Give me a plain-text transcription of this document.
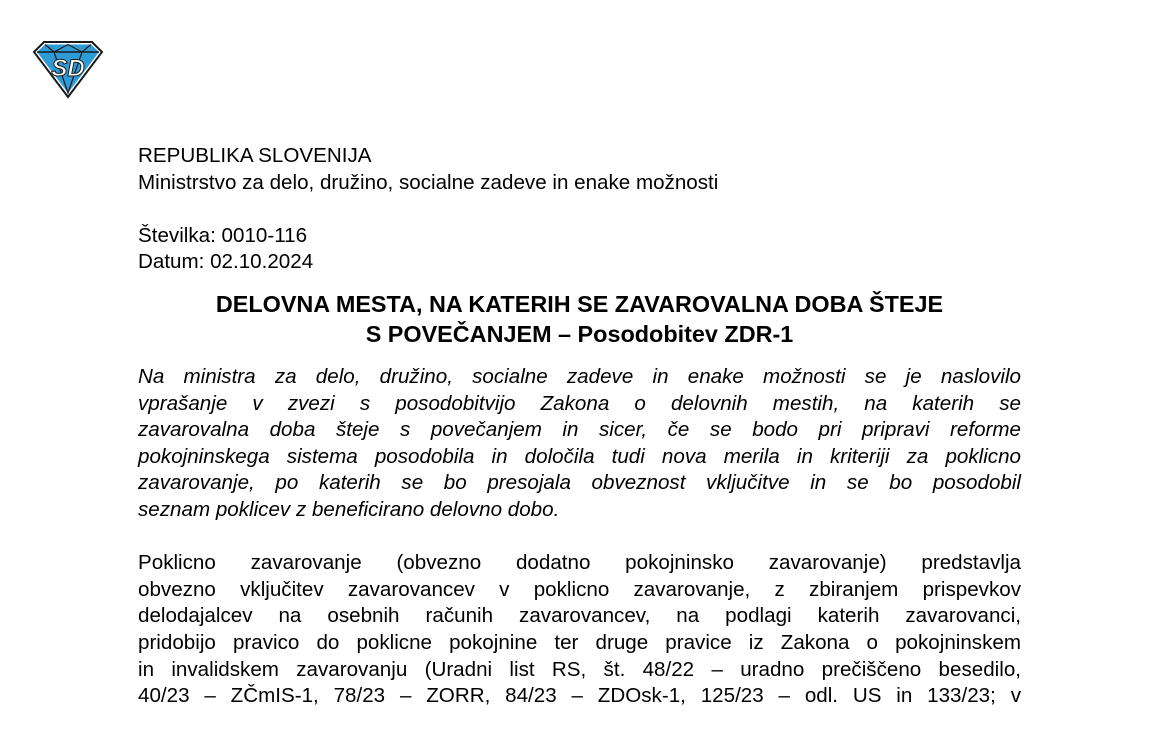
SD
REPUBLIKA SLOVENIJA
Ministrstvo za delo, družino, socialne zadeve in enake možnosti
Številka: 0010-116
Datum: 02.10.2024
DELOVNA MESTA, NA KATERIH SE ZAVAROVALNA DOBA ŠTEJE
S POVEČANJEM – Posodobitev ZDR-1
Na ministra za delo, družino, socialne zadeve in enake možnosti se je naslovilo
vprašanje v zvezi s posodobitvijo Zakona o delovnih mestih, na katerih se
zavarovalna doba šteje s povečanjem in sicer, če se bodo pri pripravi reforme
pokojninskega sistema posodobila in določila tudi nova merila in kriteriji za poklicno
zavarovanje, po katerih se bo presojala obveznost vključitve in se bo posodobil
seznam poklicev z beneficirano delovno dobo.
Poklicno zavarovanje (obvezno dodatno pokojninsko zavarovanje) predstavlja
obvezno vključitev zavarovancev v poklicno zavarovanje, z zbiranjem prispevkov
delodajalcev na osebnih računih zavarovancev, na podlagi katerih zavarovanci,
pridobijo pravico do poklicne pokojnine ter druge pravice iz Zakona o pokojninskem
in invalidskem zavarovanju (Uradni list RS, št. 48/22 – uradno prečiščeno besedilo,
40/23 – ZČmIS-1, 78/23 – ZORR, 84/23 – ZDOsk-1, 125/23 – odl. US in 133/23; v
